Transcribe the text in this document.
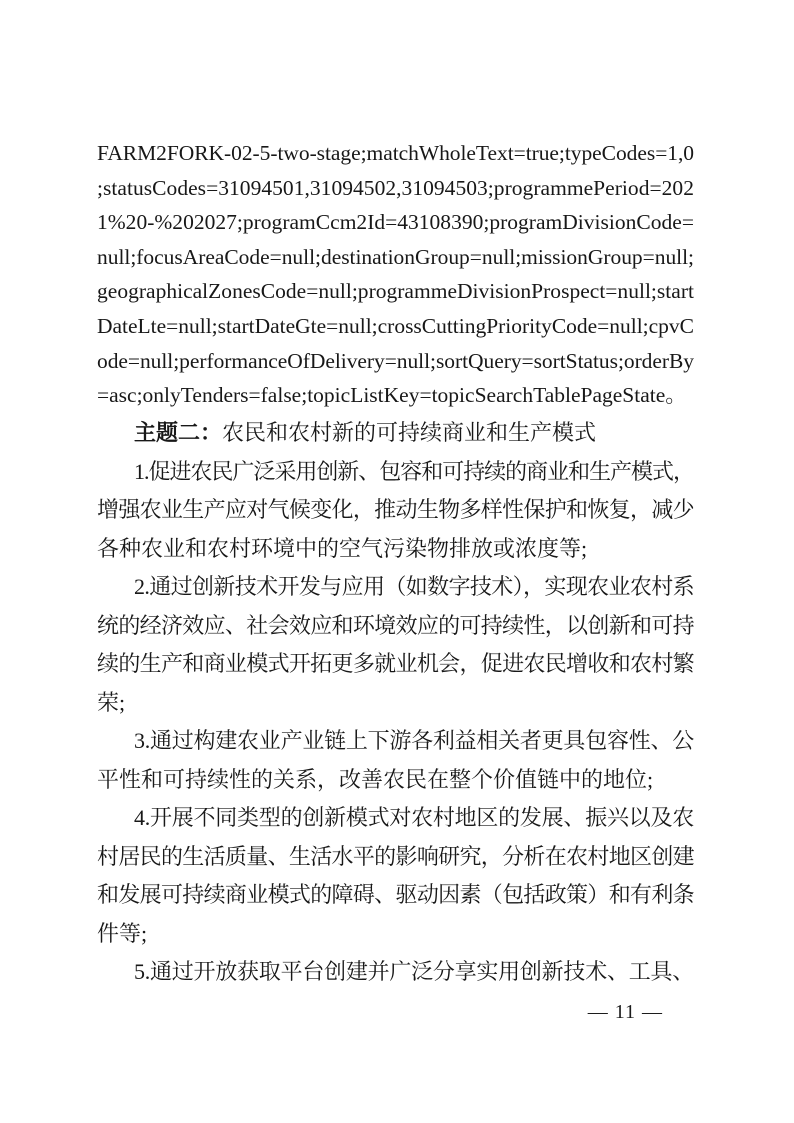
FARM2FORK-02-5-two-stage;matchWholeText=true;typeCodes=1,0
;statusCodes=31094501,31094502,31094503;programmePeriod=202
1%20-%202027;programCcm2Id=43108390;programDivisionCode=
null;focusAreaCode=null;destinationGroup=null;missionGroup=null;
geographicalZonesCode=null;programmeDivisionProspect=null;start
DateLte=null;startDateGte=null;crossCuttingPriorityCode=null;cpvC
ode=null;performanceOfDelivery=null;sortQuery=sortStatus;orderBy
=asc;onlyTenders=false;topicListKey=topicSearchTablePageState。
主题二：农民和农村新的可持续商业和生产模式
1.促进农民广泛采用创新、包容和可持续的商业和生产模式，
增强农业生产应对气候变化，推动生物多样性保护和恢复，减少
各种农业和农村环境中的空气污染物排放或浓度等;
2.通过创新技术开发与应用（如数字技术），实现农业农村系
统的经济效应、社会效应和环境效应的可持续性，以创新和可持
续的生产和商业模式开拓更多就业机会，促进农民增收和农村繁
荣;
3.通过构建农业产业链上下游各利益相关者更具包容性、公
平性和可持续性的关系，改善农民在整个价值链中的地位;
4.开展不同类型的创新模式对农村地区的发展、振兴以及农
村居民的生活质量、生活水平的影响研究，分析在农村地区创建
和发展可持续商业模式的障碍、驱动因素（包括政策）和有利条
件等;
5.通过开放获取平台创建并广泛分享实用创新技术、工具、
— 11 —
